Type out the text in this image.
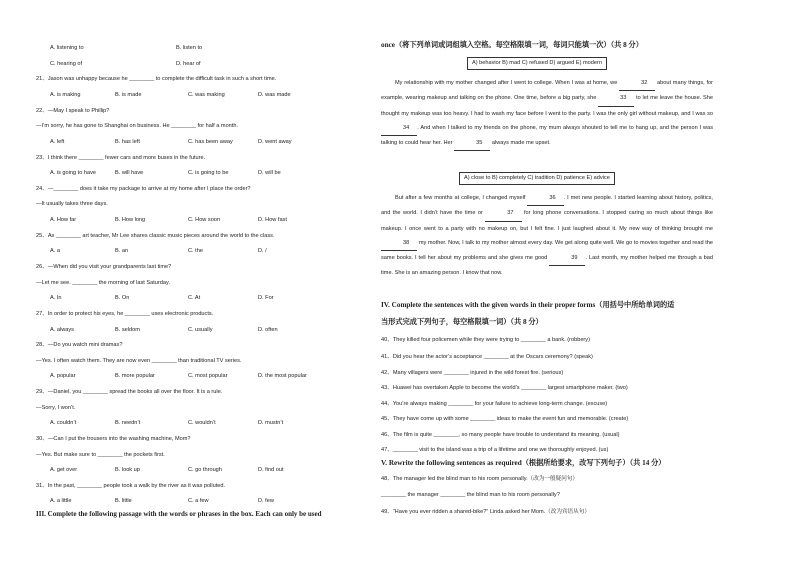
A. listening to	B. listen to
C. hearing of	D. hear of
21、Jason was unhappy because he ________ to complete the difficult task in such a short time.
A. is making	B. is made	C. was making	D. was made
22、—May I speak to Phillip?
—I’m sorry, he has gone to Shanghai on business. He ________ for half a month.
A. left	B. has left	C. has been away	D. went away
23、I think there ________ fewer cars and more buses in the future.
A. is going to have	B. will have	C. is going to be	D. will be
24、—________ does it take my package to arrive at my home after I place the order?
—It usually takes three days.
A. How far	B. How long	C. How soon	D. How fast
25、As ________ art teacher, Mr Lee shares classic music pieces around the world to the class.
A. a	B. an	C. the	D. /
26、—When did you visit your grandparents last time?
—Let me see. ________ the morning of last Saturday.
A. In	B. On	C. At	D. For
27、In order to protect his eyes, he ________ uses electronic products.
A. always	B. seldom	C. usually	D. often
28、—Do you watch mini dramas?
—Yes. I often watch them. They are now even ________ than traditional TV series.
A. popular	B. more popular	C. most popular	D. the most popular
29、—Daniel, you ________ spread the books all over the floor. It is a rule.
—Sorry, I won’t.
A. couldn’t	B. needn’t	C. wouldn’t	D. mustn’t
30、—Can I put the trousers into the washing machine, Mom?
—Yes. But make sure to ________ the pockets first.
A. get over	B. look up	C. go through	D. find out
31、In the past, ________ people took a walk by the river as it was polluted.
A. a little	B. little	C. a few	D. few
III. Complete the following passage with the words or phrases in the box. Each can only be used
once（将下列单词或词组填入空格。每空格限填一词，每词只能填一次）（共 8 分）
A) behavior B) mad C) refused D) argued E) modern

My relationship with my mother changed after I went to college. When I was at home, we	32 about many things, for example, wearing makeup and talking on the phone. One time, before a big party, she	33 to let me leave the house. She thought my makeup was too heavy. I had to wash my face before I went to the party. I was the only girl without makeup, and I was so 34 . And when I talked to my friends on the phone, my mum always shouted to tell me to hang up, and the person I was talking to could hear her. Her	35 always made me upset.

A) close to B) completely C) tradition D) patience E) advice

But after a few months at college, I changed myself	36 . I met new people. I started learning about history, politics, and the world. I didn’t have the time or	37 for long phone conversations. I stopped caring so much about things like makeup. I once went to a party with no makeup on, but I felt fine. I just laughed about it. My new way of thinking brought me 38 my mother. Now, I talk to my mother almost every day. We get along quite well. We go to movies together and read the same books. I tell her about my problems and she gives me good	39 . Last month, my mother helped me through a bad time. She is an amazing person. I know that now.

IV. Complete the sentences with the given words in their proper forms（用括号中所给单词的适
当形式完成下列句子，每空格限填一词）（共 8 分）
40、They killed four policemen while they were trying to ________ a bank. (robbery)
41、Did you hear the actor’s acceptance ________ at the Oscars ceremony? (speak)
42、Many villagers were ________ injured in the wild forest fire. (serious)
43、Huawei has overtaken Apple to become the world’s ________ largest smartphone maker. (two)
44、You’re always making ________ for your failure to achieve long-term change. (excuse)
45、They have come up with some ________ ideas to make the event fun and memorable. (create)
46、The film is quite ________, so many people have trouble to understand its meaning. (usual)
47、________ visit to the island was a trip of a lifetime and one we thoroughly enjoyed. (us)
V. Rewrite the following sentences as required（根据所给要求，改写下列句子）（共 14 分）
48、The manager led the blind man to his room personally.（改为一般疑问句）
________ the manager ________ the blind man to his room personally?
49、“Have you ever ridden a shared-bike?” Linda asked her Mom.（改为宾语从句）
